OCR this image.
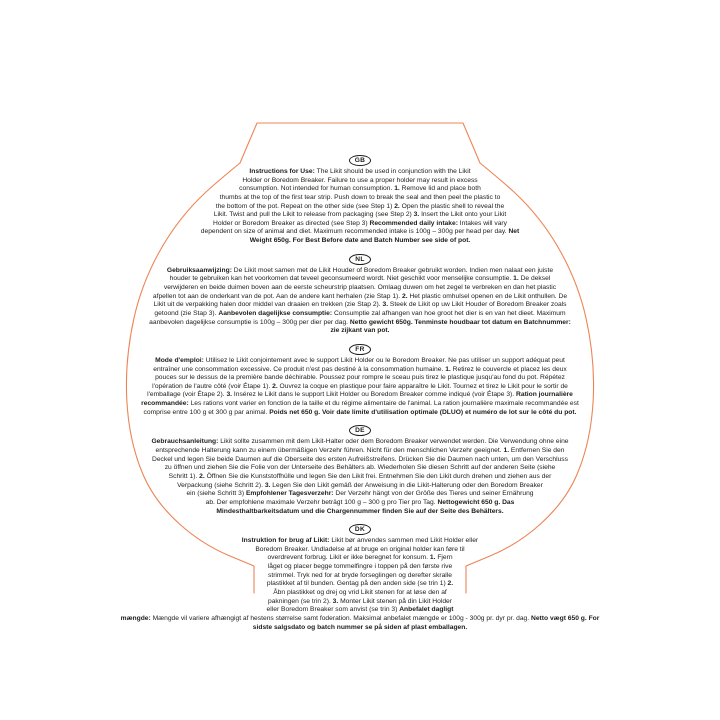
GB

Instructions for Use: The Likit should be used in conjunction with the Likit Holder or Boredom Breaker. Failure to use a proper holder may result in excess consumption. Not intended for human consumption. 1. Remove lid and place both thumbs at the top of the first tear strip. Push down to break the seal and then peel the plastic to the bottom of the pot. Repeat on the other side (see Step 1) 2. Open the plastic shell to reveal the Likit. Twist and pull the Likit to release from packaging (see Step 2) 3. Insert the Likit onto your Likit Holder or Boredom Breaker as directed (see Step 3) Recommended daily intake: Intakes will vary dependent on size of animal and diet. Maximum recommended intake is 100g – 300g per head per day. Net Weight 650g. For Best Before date and Batch Number see side of pot.

NL

Gebruiksaanwijzing: De Likit moet samen met de Likit Houder of Boredom Breaker gebruikt worden. Indien men nalaat een juiste houder te gebruiken kan het voorkomen dat teveel geconsumeerd wordt. Niet geschikt voor menselijke consumptie. 1. De deksel verwijderen en beide duimen boven aan de eerste scheurstrip plaatsen. Omlaag duwen om het zegel te verbreken en dan het plastic afpellen tot aan de onderkant van de pot. Aan de andere kant herhalen (zie Stap 1). 2. Het plastic omhulsel openen en de Likit onthullen. De Likit uit de verpakking halen door middel van draaien en trekken (zie Stap 2). 3. Steek de Likit op uw Likit Houder of Boredom Breaker zoals getoond (zie Stap 3). Aanbevolen dagelijkse consumptie: Consumptie zal afhangen van hoe groot het dier is en van het dieet. Maximum aanbevolen dagelijkse consumptie is 100g – 300g per dier per dag. Netto gewicht 650g. Tenminste houdbaar tot datum en Batchnummer: zie zijkant van pot.

FR

Mode d'emploi: Utilisez le Likit conjointement avec le support Likit Holder ou le Boredom Breaker. Ne pas utiliser un support adéquat peut entraîner une consommation excessive. Ce produit n'est pas destiné à la consommation humaine. 1. Retirez le couvercle et placez les deux pouces sur le dessus de la première bande déchirable. Poussez pour rompre le sceau puis tirez le plastique jusqu'au fond du pot. Répétez l'opération de l'autre côté (voir Étape 1). 2. Ouvrez la coque en plastique pour faire apparaître le Likit. Tournez et tirez le Likit pour le sortir de l'emballage (voir Étape 2). 3. Insérez le Likit dans le support Likit Holder ou Boredom Breaker comme indiqué (voir Étape 3). Ration journalière recommandée: Les rations vont varier en fonction de la taille et du régime alimentaire de l'animal. La ration journalière maximale recommandée est comprise entre 100 g et 300 g par animal. Poids net 650 g. Voir date limite d'utilisation optimale (DLUO) et numéro de lot sur le côté du pot.

DE

Gebrauchsanleitung: Likit sollte zusammen mit dem Likit-Halter oder dem Boredom Breaker verwendet werden. Die Verwendung ohne eine entsprechende Halterung kann zu einem übermäßigen Verzehr führen. Nicht für den menschlichen Verzehr geeignet. 1. Entfernen Sie den Deckel und legen Sie beide Daumen auf die Oberseite des ersten Aufreißstreifens. Drücken Sie die Daumen nach unten, um den Verschluss zu öffnen und ziehen Sie die Folie von der Unterseite des Behälters ab. Wiederholen Sie diesen Schritt auf der anderen Seite (siehe Schritt 1). 2. Öffnen Sie die Kunststoffhülle und legen Sie den Likit frei. Entnehmen Sie den Likit durch drehen und ziehen aus der Verpackung (siehe Schritt 2). 3. Legen Sie den Likit gemäß der Anweisung in die Likit-Halterung oder den Boredom Breaker ein (siehe Schritt 3) Empfohlener Tagesverzehr: Der Verzehr hängt von der Größe des Tieres und seiner Ernährung ab. Der empfohlene maximale Verzehr beträgt 100 g – 300 g pro Tier pro Tag. Nettogewicht 650 g. Das Mindesthaltbarkeitsdatum und die Chargennummer finden Sie auf der Seite des Behälters.

DK

Instruktion for brug af Likit: Likit bør anvendes sammen med Likit Holder eller Boredom Breaker. Undladelse af at bruge en original holder kan føre til overdrevent forbrug. Likit er ikke beregnet for konsum. 1. Fjern låget og placer begge tommelfingre i toppen på den første rive strimmel. Tryk ned for at bryde forseglingen og derefter skralle plastikket af til bunden. Gentag på den anden side (se trin 1) 2. Åbn plastikket og drej og vrid Likit stenen for at løse den af pakningen (se trin 2). 3. Monter Likit stenen på din Likit Holder eller Boredom Breaker som anvist (se trin 3) Anbefalet dagligt mængde: Mængde vil variere afhængigt af hestens størrelse samt foderation. Maksimal anbefalet mængde er 100g - 300g pr. dyr pr. dag. Netto vægt 650 g. For sidste salgsdato og batch nummer se på siden af plast emballagen.
